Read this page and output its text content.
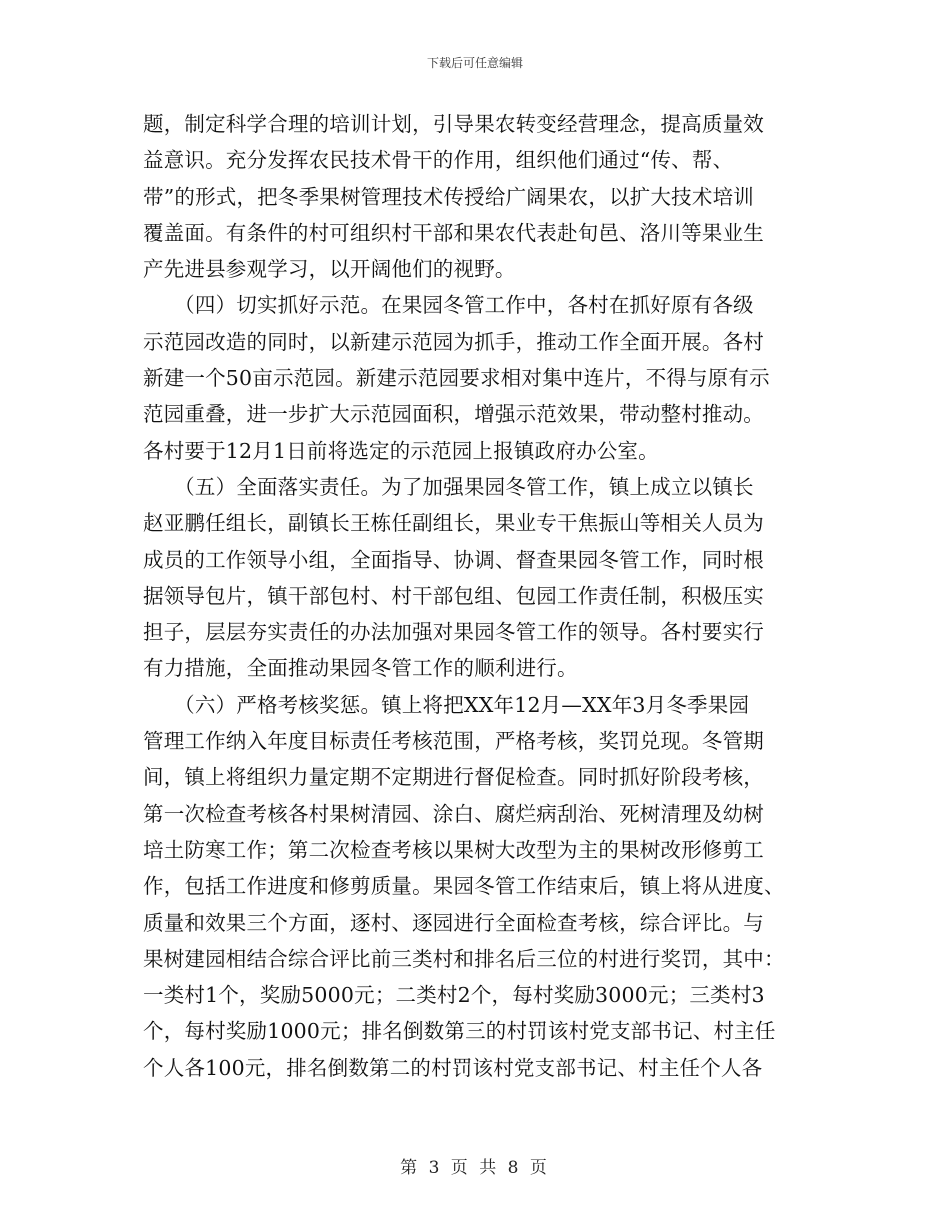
下载后可任意编辑
题，制定科学合理的培训计划，引导果农转变经营理念，提高质量效
益意识。充分发挥农民技术骨干的作用，组织他们通过“传、帮、
带”的形式，把冬季果树管理技术传授给广阔果农，以扩大技术培训
覆盖面。有条件的村可组织村干部和果农代表赴旬邑、洛川等果业生
产先进县参观学习，以开阔他们的视野。
　　（四）切实抓好示范。在果园冬管工作中，各村在抓好原有各级
示范园改造的同时，以新建示范园为抓手，推动工作全面开展。各村
新建一个50亩示范园。新建示范园要求相对集中连片，不得与原有示
范园重叠，进一步扩大示范园面积，增强示范效果，带动整村推动。
各村要于12月1日前将选定的示范园上报镇政府办公室。
　　（五）全面落实责任。为了加强果园冬管工作，镇上成立以镇长
赵亚鹏任组长，副镇长王栋任副组长，果业专干焦振山等相关人员为
成员的工作领导小组，全面指导、协调、督查果园冬管工作，同时根
据领导包片，镇干部包村、村干部包组、包园工作责任制，积极压实
担子，层层夯实责任的办法加强对果园冬管工作的领导。各村要实行
有力措施，全面推动果园冬管工作的顺利进行。
　　（六）严格考核奖惩。镇上将把XX年12月—XX年3月冬季果园
管理工作纳入年度目标责任考核范围，严格考核，奖罚兑现。冬管期
间，镇上将组织力量定期不定期进行督促检查。同时抓好阶段考核，
第一次检查考核各村果树清园、涂白、腐烂病刮治、死树清理及幼树
培土防寒工作；第二次检查考核以果树大改型为主的果树改形修剪工
作，包括工作进度和修剪质量。果园冬管工作结束后，镇上将从进度、
质量和效果三个方面，逐村、逐园进行全面检查考核，综合评比。与
果树建园相结合综合评比前三类村和排名后三位的村进行奖罚，其中：
一类村1个，奖励5000元；二类村2个，每村奖励3000元；三类村3
个，每村奖励1000元；排名倒数第三的村罚该村党支部书记、村主任
个人各100元，排名倒数第二的村罚该村党支部书记、村主任个人各
第 3 页 共 8 页
